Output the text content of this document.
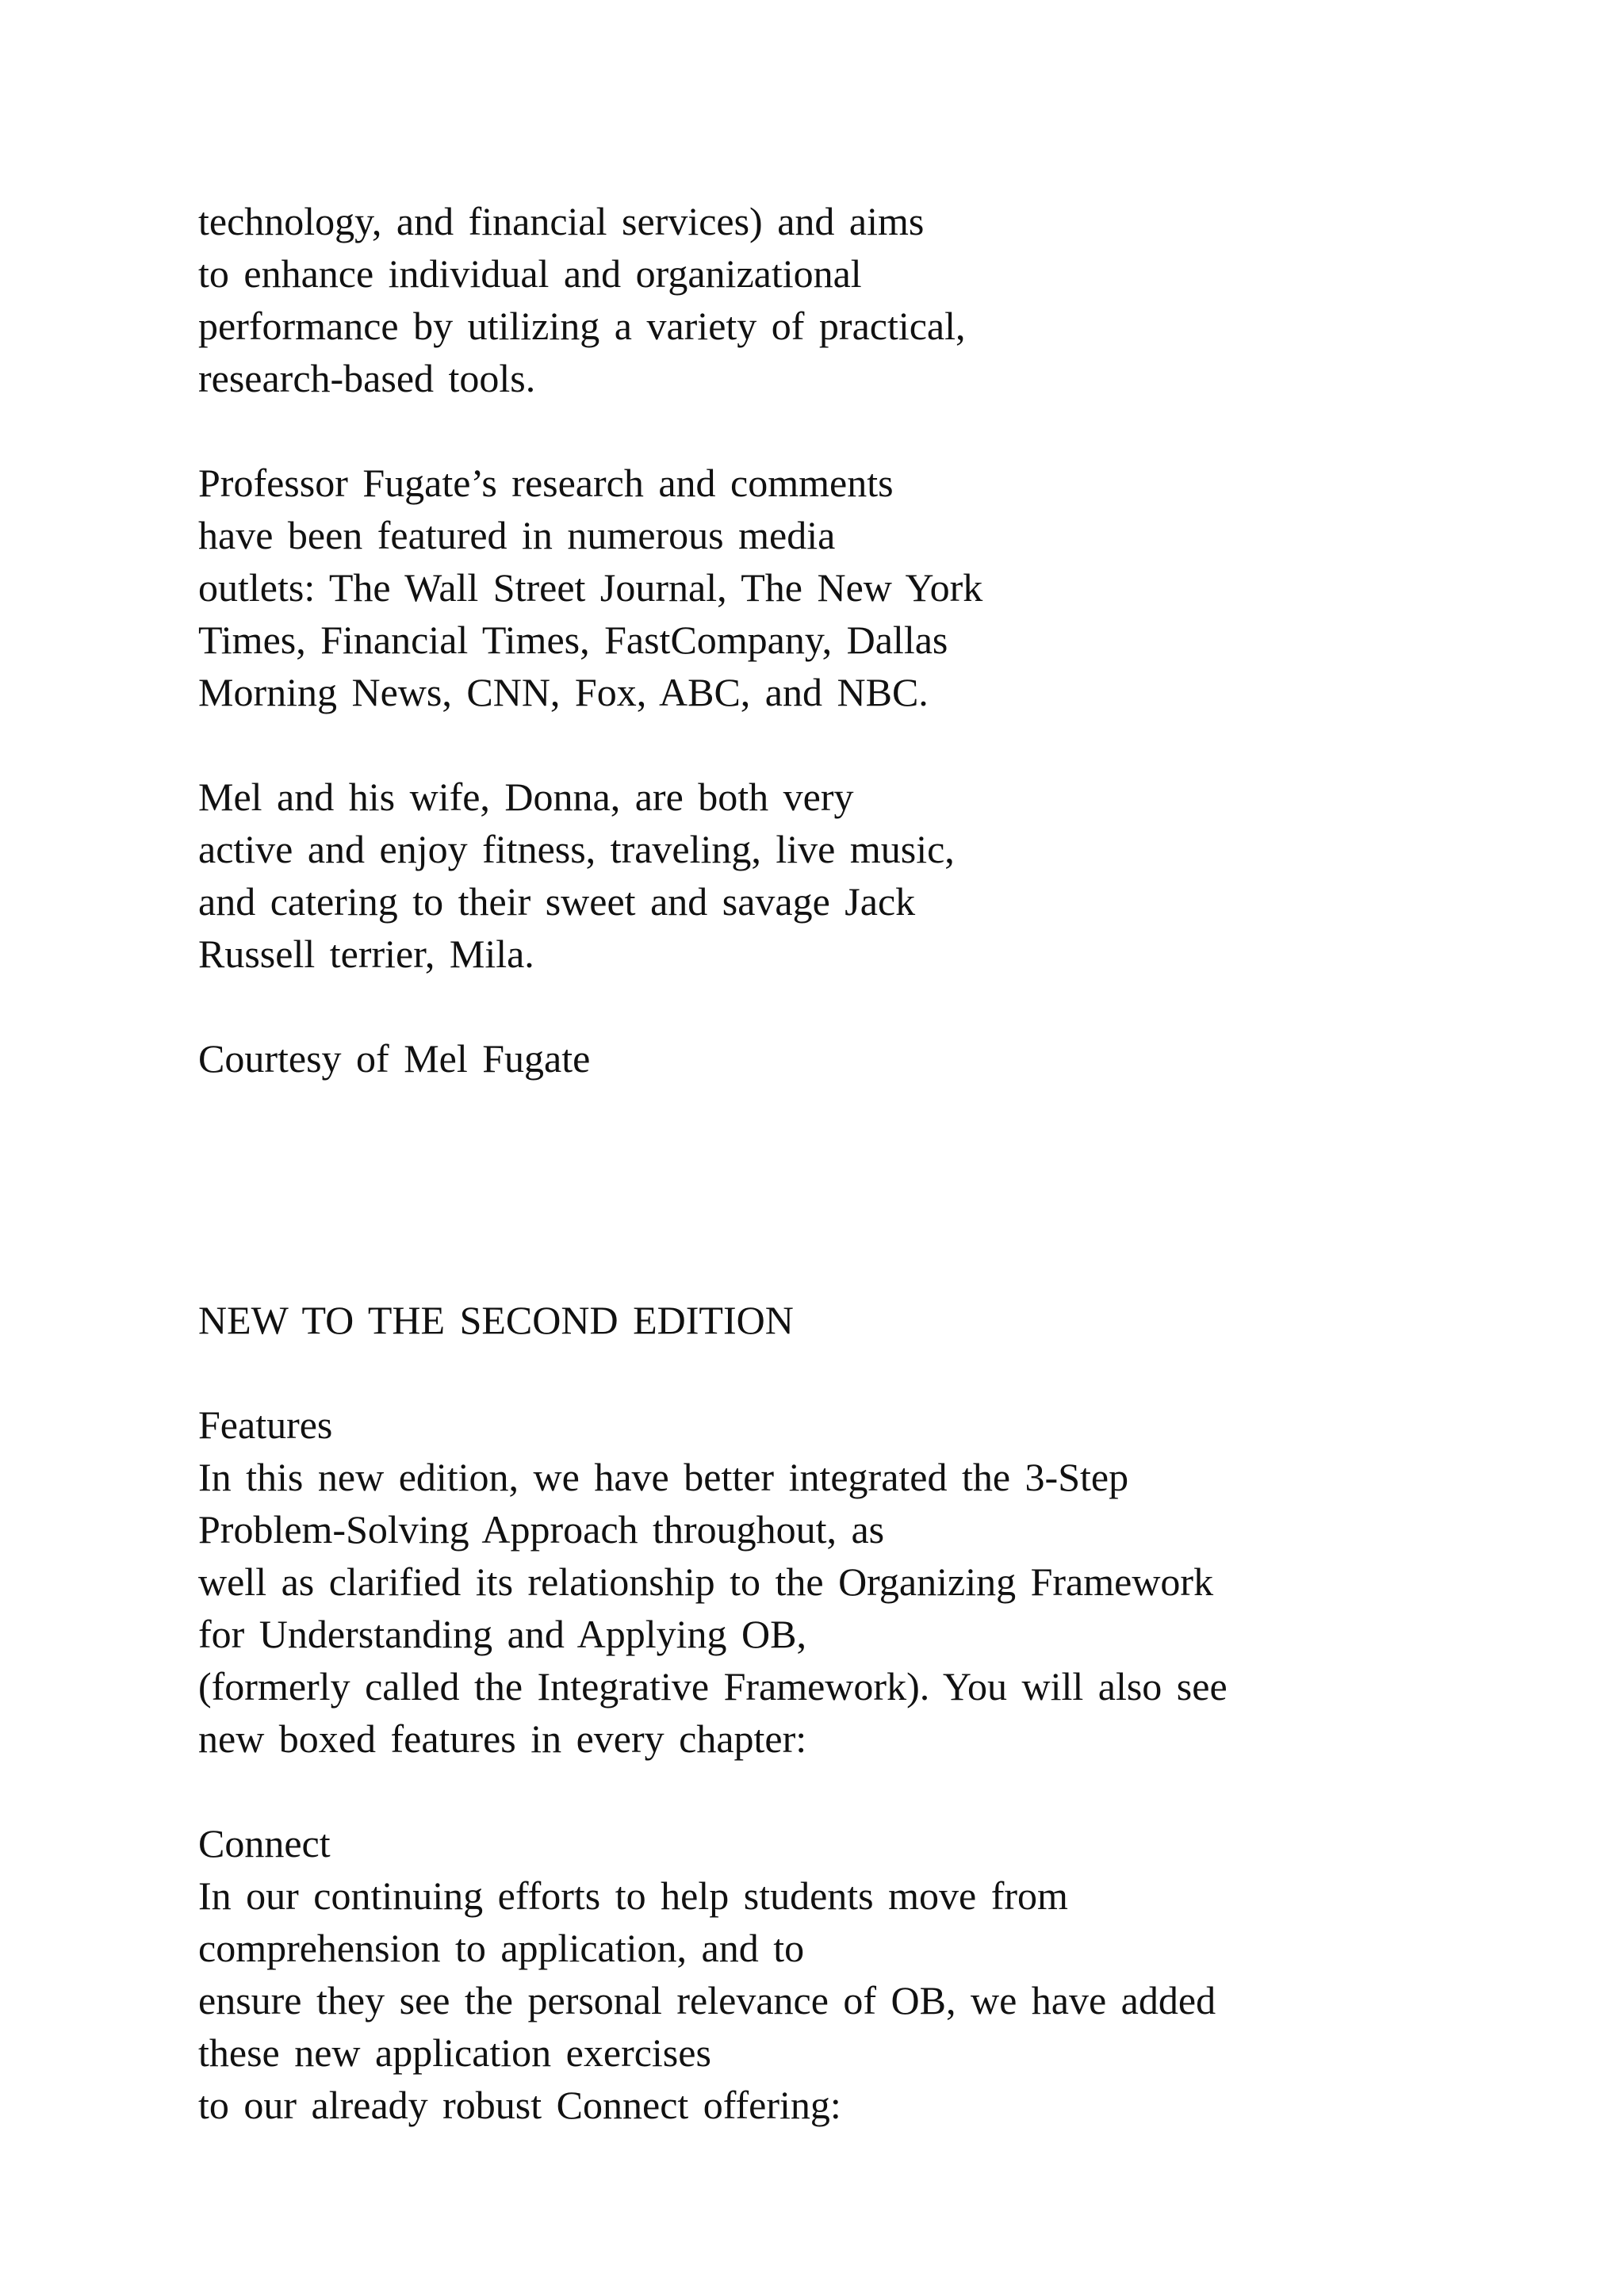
technology, and financial services) and aims
to enhance individual and organizational
performance by utilizing a variety of practical,
research-based tools.
Professor Fugate’s research and comments
have been featured in numerous media
outlets: The Wall Street Journal, The New York
Times, Financial Times, FastCompany, Dallas
Morning News, CNN, Fox, ABC, and NBC.
Mel and his wife, Donna, are both very
active and enjoy fitness, traveling, live music,
and catering to their sweet and savage Jack
Russell terrier, Mila.
Courtesy of Mel Fugate
NEW TO THE SECOND EDITION
Features
In this new edition, we have better integrated the 3-Step
Problem-Solving Approach throughout, as
well as clarified its relationship to the Organizing Framework
for Understanding and Applying OB,
(formerly called the Integrative Framework). You will also see
new boxed features in every chapter:
Connect
In our continuing efforts to help students move from
comprehension to application, and to
ensure they see the personal relevance of OB, we have added
these new application exercises
to our already robust Connect offering:
